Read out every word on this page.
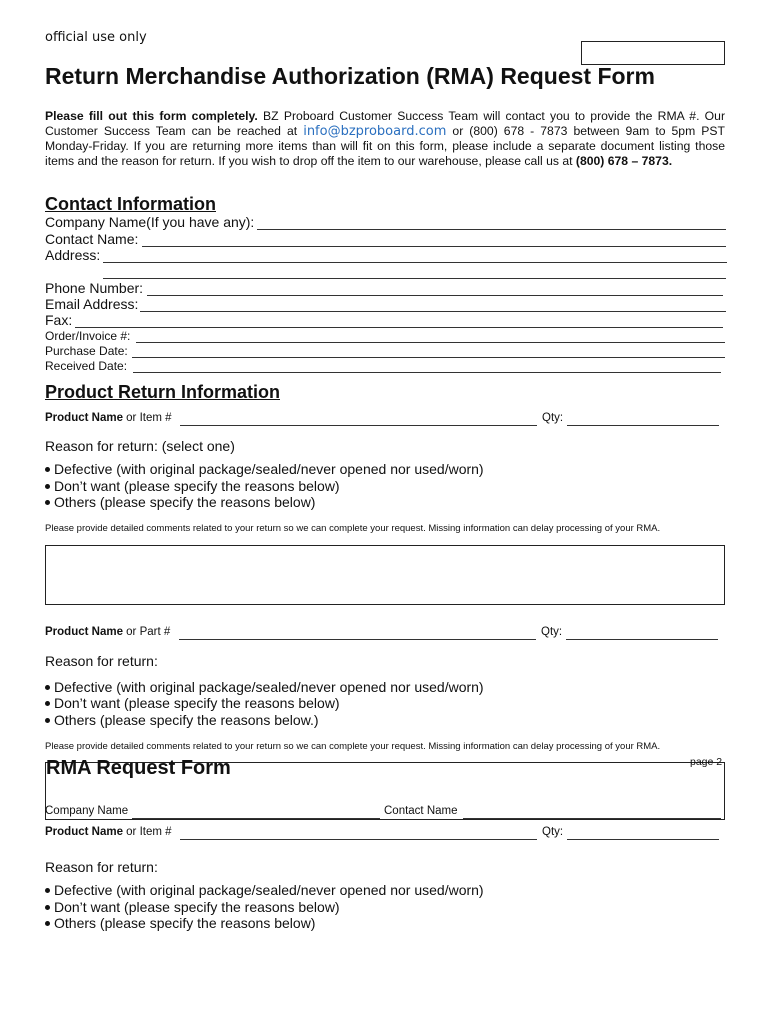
official use only
Return Merchandise Authorization (RMA) Request Form
Please fill out this form completely. BZ Proboard Customer Success Team will contact you to provide the RMA #. Our Customer Success Team can be reached at info@bzproboard.com or (800) 678 - 7873 between 9am to 5pm PST Monday-Friday. If you are returning more items than will fit on this form, please include a separate document listing those items and the reason for return. If you wish to drop off the item to our warehouse, please call us at (800) 678 – 7873.
Contact Information
Company Name(If you have any):
Contact Name:
Address:
Phone Number:
Email Address:
Fax:
Order/Invoice #:
Purchase Date:
Received Date:
Product Return Information
Product Name or Item #	Qty:
Reason for return: (select one)
Defective (with original package/sealed/never opened nor used/worn)
Don’t want (please specify the reasons below)
Others (please specify the reasons below)
Please provide detailed comments related to your return so we can complete your request. Missing information can delay processing of your RMA.
Product Name or Part #	Qty:
Reason for return:
Defective (with original package/sealed/never opened nor used/worn)
Don’t want (please specify the reasons below)
Others (please specify the reasons below.)
Please provide detailed comments related to your return so we can complete your request. Missing information can delay processing of your RMA.
RMA Request Form	page 2
Company Name	Contact Name
Product Name or Item #	Qty:
Reason for return:
Defective (with original package/sealed/never opened nor used/worn)
Don’t want (please specify the reasons below)
Others (please specify the reasons below)
